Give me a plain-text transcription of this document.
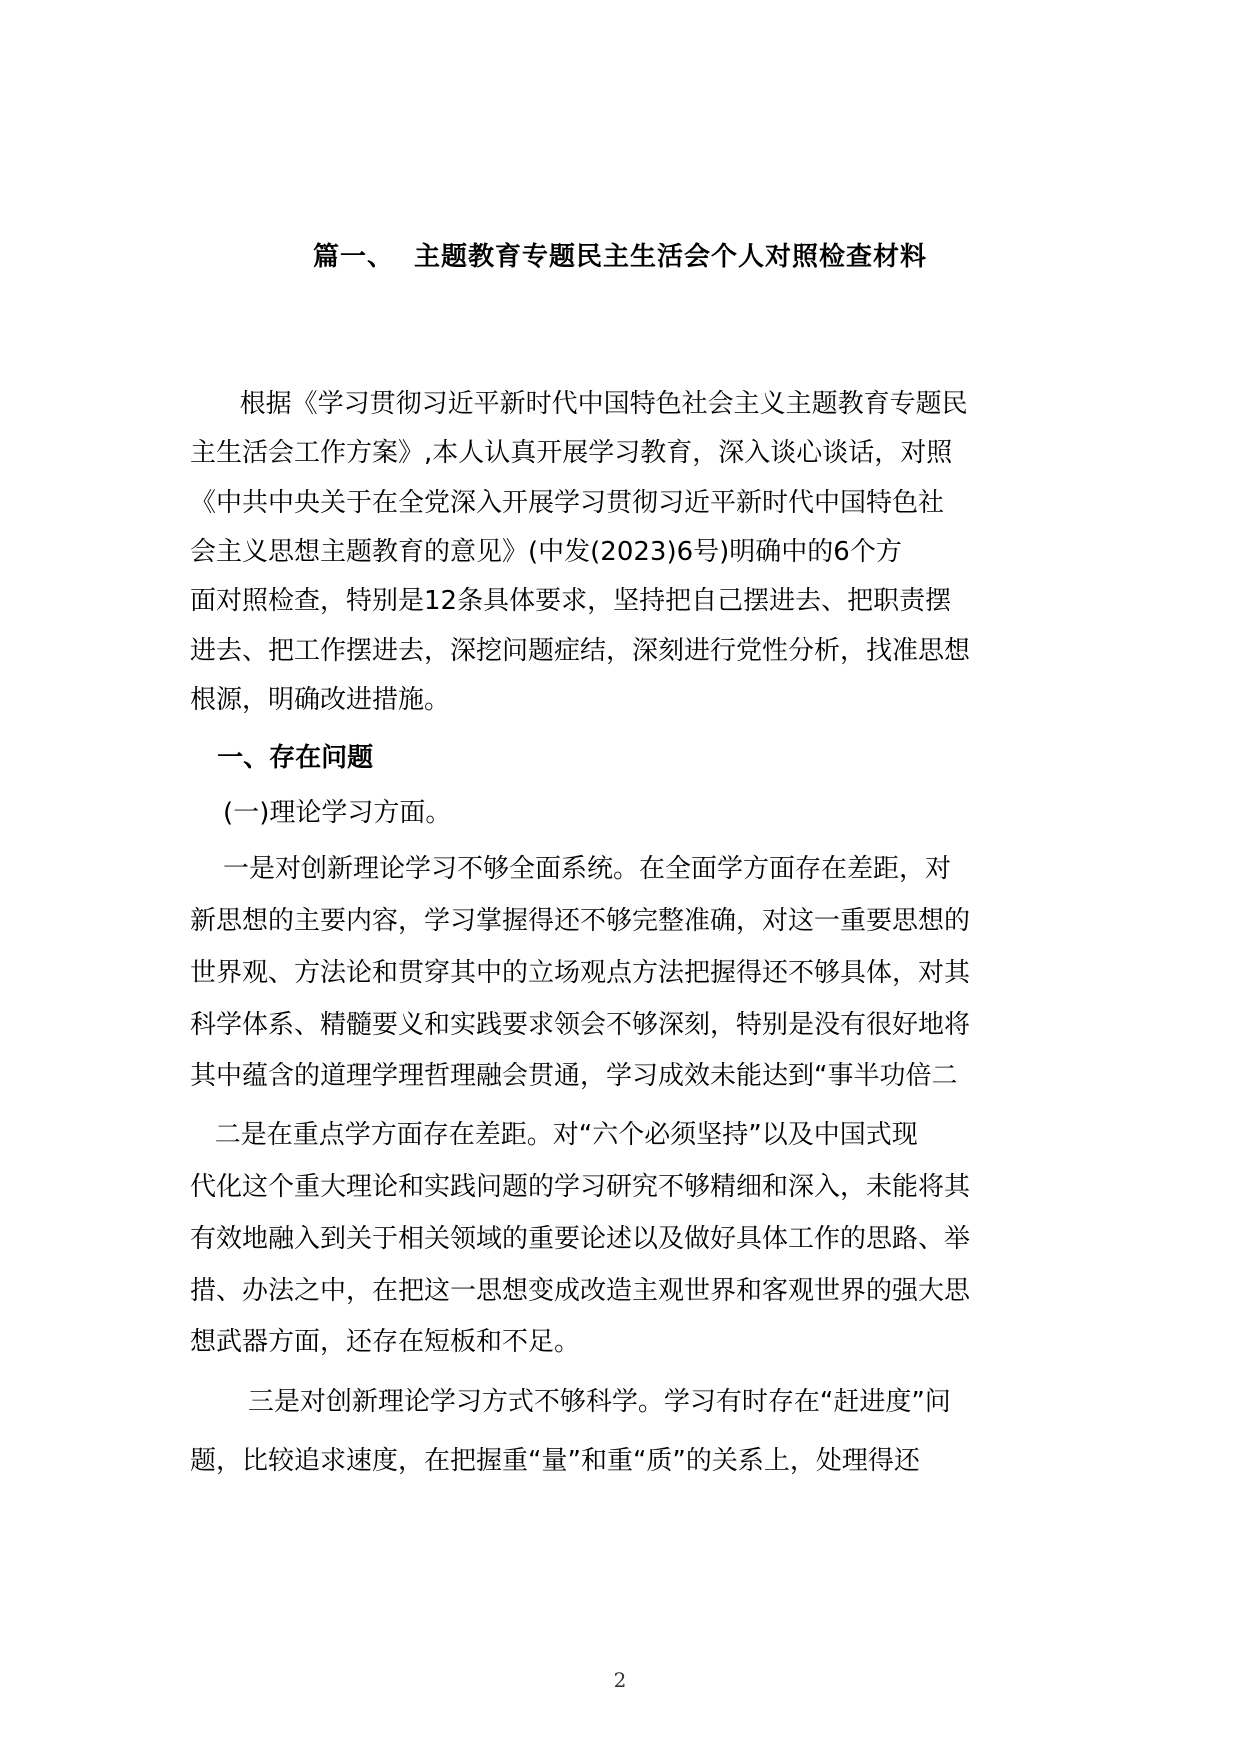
篇一、  主题教育专题民主生活会个人对照检查材料
根据《学习贯彻习近平新时代中国特色社会主义主题教育专题民
主生活会工作方案》,本人认真开展学习教育，深入谈心谈话，对照
《中共中央关于在全党深入开展学习贯彻习近平新时代中国特色社
会主义思想主题教育的意见》(中发(2023)6号)明确中的6个方
面对照检查，特别是12条具体要求，坚持把自己摆进去、把职责摆
进去、把工作摆进去，深挖问题症结，深刻进行党性分析，找准思想
根源，明确改进措施。
一、存在问题
(一)理论学习方面。
一是对创新理论学习不够全面系统。在全面学方面存在差距，对
新思想的主要内容，学习掌握得还不够完整准确，对这一重要思想的
世界观、方法论和贯穿其中的立场观点方法把握得还不够具体，对其
科学体系、精髓要义和实践要求领会不够深刻，特别是没有很好地将
其中蕴含的道理学理哲理融会贯通，学习成效未能达到“事半功倍二
二是在重点学方面存在差距。对“六个必须坚持”以及中国式现
代化这个重大理论和实践问题的学习研究不够精细和深入，未能将其
有效地融入到关于相关领域的重要论述以及做好具体工作的思路、举
措、办法之中，在把这一思想变成改造主观世界和客观世界的强大思
想武器方面，还存在短板和不足。
三是对创新理论学习方式不够科学。学习有时存在“赶进度”问
题，比较追求速度，在把握重“量”和重“质”的关系上，处理得还
2
